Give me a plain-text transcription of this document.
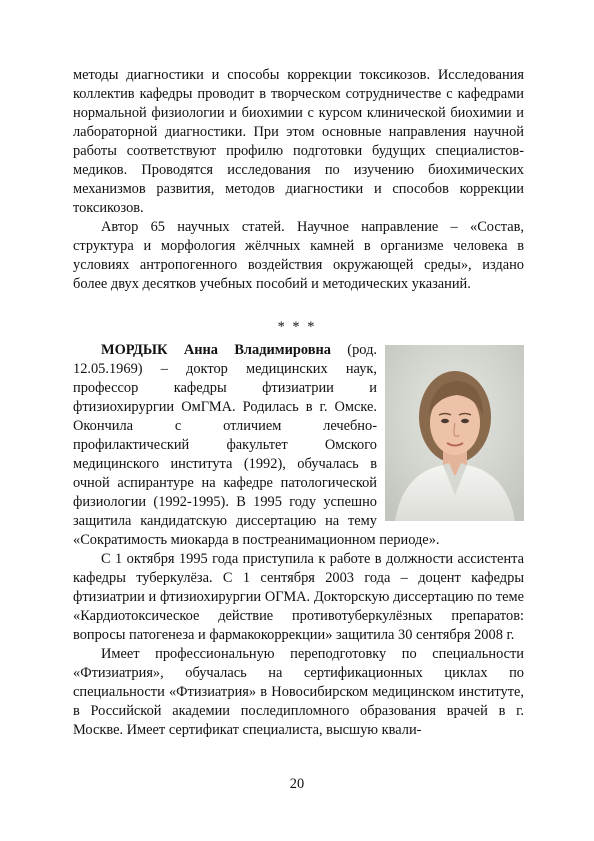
методы диагностики и способы коррекции токсикозов. Исследования коллектив кафедры проводит в творческом сотрудничестве с кафедрами нормальной физиологии и биохимии с курсом клинической биохимии и лабораторной диагностики. При этом основные направления научной работы соответствуют профилю подготовки будущих специалистов-медиков. Проводятся исследования по изучению биохимических механизмов развития, методов диагностики и способов коррекции токсикозов.

Автор 65 научных статей. Научное направление – «Состав, структура и морфология жёлчных камней в организме человека в условиях антропогенного воздействия окружающей среды», издано более двух десятков учебных пособий и методических указаний.

* * *

МОРДЫК Анна Владимировна (род. 12.05.1969) – доктор медицинских наук, профессор кафедры фтизиатрии и фтизиохирургии ОмГМА. Родилась в г. Омске. Окончила с отличием лечебно-профилактический факультет Омского медицинского института (1992), обучалась в очной аспирантуре на кафедре патологической физиологии (1992-1995). В 1995 году успешно защитила кандидатскую диссертацию на тему «Сократимость миокарда в постреанимационном периоде».

С 1 октября 1995 года приступила к работе в должности ассистента кафедры туберкулёза. С 1 сентября 2003 года – доцент кафедры фтизиатрии и фтизиохирургии ОГМА. Докторскую диссертацию по теме «Кардиотоксическое действие противотуберкулёзных препаратов: вопросы патогенеза и фармакокоррекции» защитила 30 сентября 2008 г.

Имеет профессиональную переподготовку по специальности «Фтизиатрия», обучалась на сертификационных циклах по специальности «Фтизиатрия» в Новосибирском медицинском институте, в Российской академии последипломного образования врачей в г. Москве. Имеет сертификат специалиста, высшую квали-

20
